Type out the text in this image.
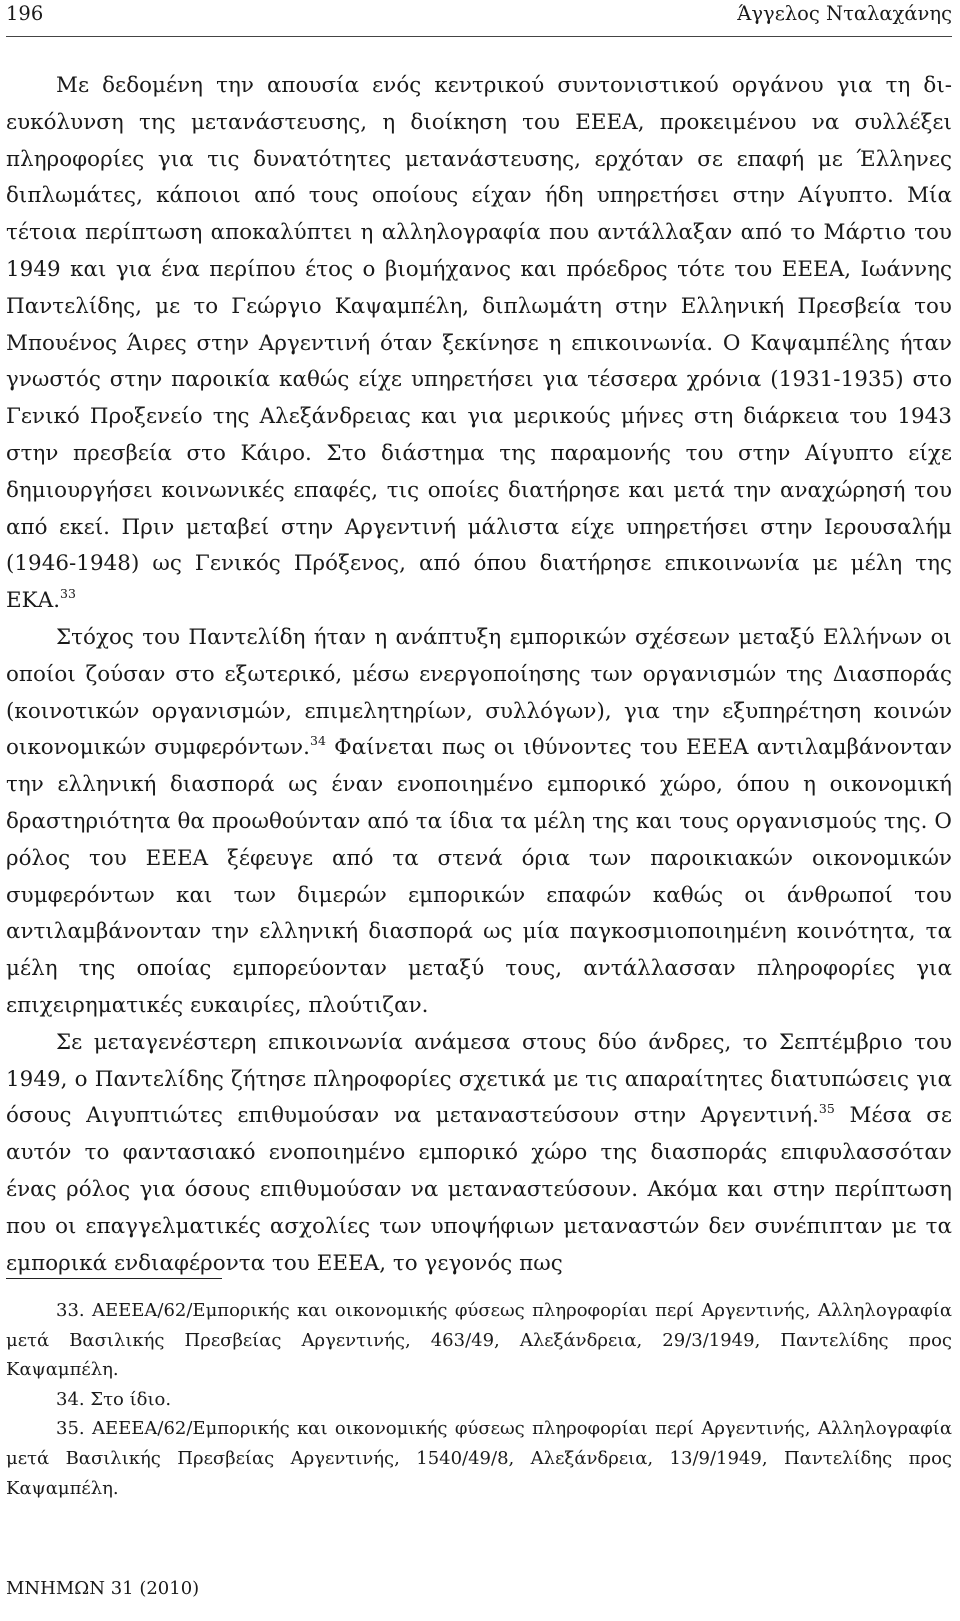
196	Άγγελος Νταλαχάνης

Με δεδομένη την απουσία ενός κεντρικού συντονιστικού οργάνου για τη διευκόλυνση της μετανάστευσης, η διοίκηση του ΕΕΕΑ, προκειμένου να συλλέξει πληροφορίες για τις δυνατότητες μετανάστευσης, ερχόταν σε επαφή με Έλληνες διπλωμάτες, κάποιοι από τους οποίους είχαν ήδη υπηρετήσει στην Αίγυπτο. Μία τέτοια περίπτωση αποκαλύπτει η αλληλογραφία που αντάλλαξαν από το Μάρτιο του 1949 και για ένα περίπου έτος ο βιομήχανος και πρόεδρος τότε του ΕΕΕΑ, Ιωάννης Παντελίδης, με το Γεώργιο Καψαμπέλη, διπλωμάτη στην Ελληνική Πρεσβεία του Μπουένος Άιρες στην Αργεντινή όταν ξεκίνησε η επικοινωνία. Ο Καψαμπέλης ήταν γνωστός στην παροικία καθώς είχε υπηρετήσει για τέσσερα χρόνια (1931-1935) στο Γενικό Προξενείο της Αλεξάνδρειας και για μερικούς μήνες στη διάρκεια του 1943 στην πρεσβεία στο Κάιρο. Στο διάστημα της παραμονής του στην Αίγυπτο είχε δημιουργήσει κοινωνικές επαφές, τις οποίες διατήρησε και μετά την αναχώρησή του από εκεί. Πριν μεταβεί στην Αργεντινή μάλιστα είχε υπηρετήσει στην Ιερουσαλήμ (1946-1948) ως Γενικός Πρόξενος, από όπου διατήρησε επικοινωνία με μέλη της ΕΚΑ.$^{33}$

Στόχος του Παντελίδη ήταν η ανάπτυξη εμπορικών σχέσεων μεταξύ Ελλήνων οι οποίοι ζούσαν στο εξωτερικό, μέσω ενεργοποίησης των οργανισμών της Διασποράς (κοινοτικών οργανισμών, επιμελητηρίων, συλλόγων), για την εξυπηρέτηση κοινών οικονομικών συμφερόντων.$^{34}$ Φαίνεται πως οι ιθύνοντες του ΕΕΕΑ αντιλαμβάνονταν την ελληνική διασπορά ως έναν ενοποιημένο εμπορικό χώρο, όπου η οικονομική δραστηριότητα θα προωθούνταν από τα ίδια τα μέλη της και τους οργανισμούς της. Ο ρόλος του ΕΕΕΑ ξέφευγε από τα στενά όρια των παροικιακών οικονομικών συμφερόντων και των διμερών εμπορικών επαφών καθώς οι άνθρωποί του αντιλαμβάνονταν την ελληνική διασπορά ως μία παγκοσμιοποιημένη κοινότητα, τα μέλη της οποίας εμπορεύονταν μεταξύ τους, αντάλλασσαν πληροφορίες για επιχειρηματικές ευκαιρίες, πλούτιζαν.

Σε μεταγενέστερη επικοινωνία ανάμεσα στους δύο άνδρες, το Σεπτέμβριο του 1949, ο Παντελίδης ζήτησε πληροφορίες σχετικά με τις απαραίτητες διατυπώσεις για όσους Αιγυπτιώτες επιθυμούσαν να μεταναστεύσουν στην Αργεντινή.$^{35}$ Μέσα σε αυτόν το φαντασιακό ενοποιημένο εμπορικό χώρο της διασποράς επιφυλασσόταν ένας ρόλος για όσους επιθυμούσαν να μεταναστεύσουν. Ακόμα και στην περίπτωση που οι επαγγελματικές ασχολίες των υποψήφιων μεταναστών δεν συνέπιπταν με τα εμπορικά ενδιαφέροντα του ΕΕΕΑ, το γεγονός πως

33. ΑΕΕΕΑ/62/Εμπορικής και οικονομικής φύσεως πληροφορίαι περί Αργεντινής, Αλληλογραφία μετά Βασιλικής Πρεσβείας Αργεντινής, 463/49, Αλεξάνδρεια, 29/3/1949, Παντελίδης προς Καψαμπέλη.

34. Στο ίδιο.

35. ΑΕΕΕΑ/62/Εμπορικής και οικονομικής φύσεως πληροφορίαι περί Αργεντινής, Αλληλογραφία μετά Βασιλικής Πρεσβείας Αργεντινής, 1540/49/8, Αλεξάνδρεια, 13/9/1949, Παντελίδης προς Καψαμπέλη.

ΜΝΗΜΩΝ 31 (2010)
